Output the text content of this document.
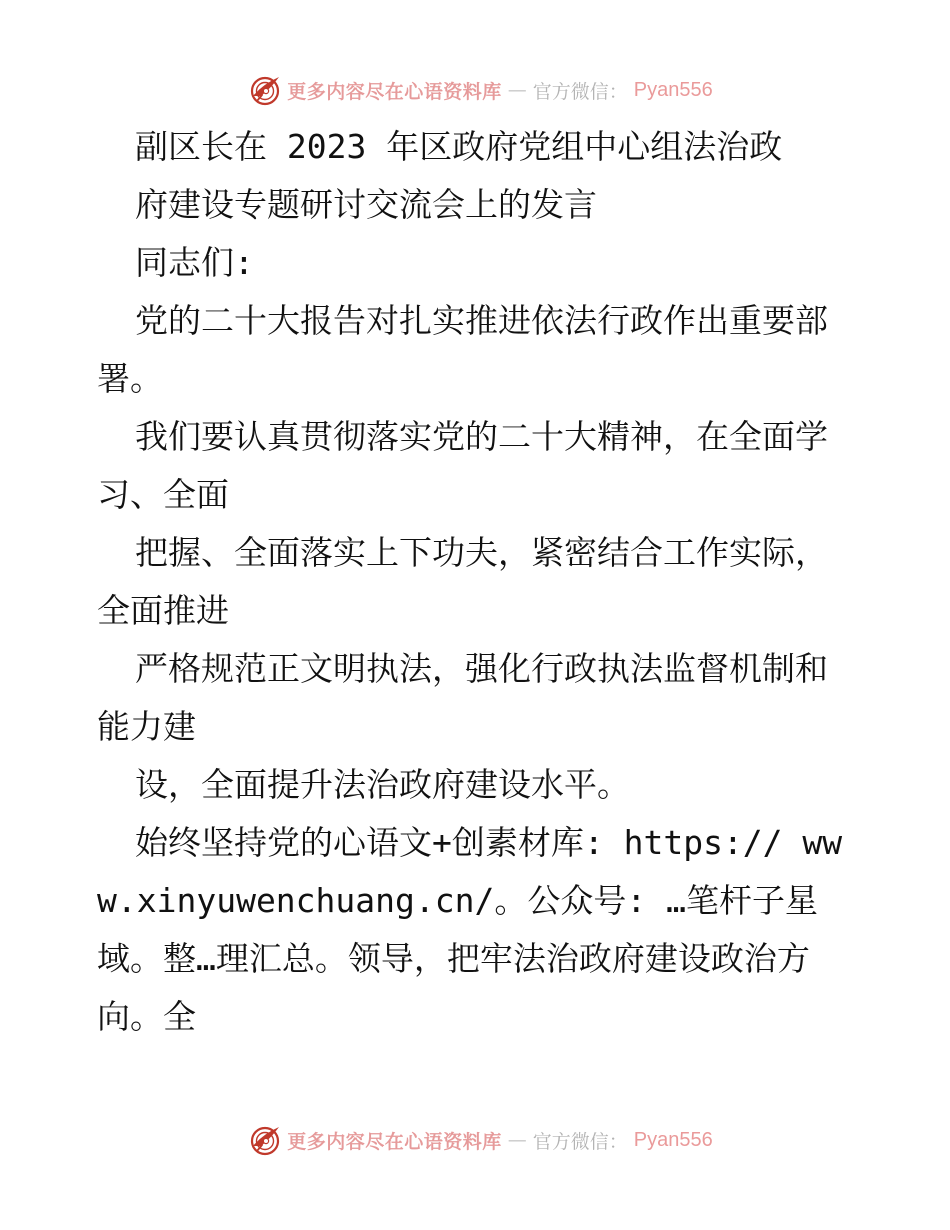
更多内容尽在心语资料库 — 官方微信： Pyan556

副区长在 2023 年区政府党组中心组法治政

府建设专题研讨交流会上的发言

同志们:

党的二十大报告对扎实推进依法行政作出重要部署。

我们要认真贯彻落实党的二十大精神，在全面学习、全面

把握、全面落实上下功夫，紧密结合工作实际，全面推进

严格规范正文明执法，强化行政执法监督机制和能力建

设，全面提升法治政府建设水平。

始终坚持党的心语文+创素材库: https:// www.xinyuwenchuang.cn/。公众号: …笔杆子星域。整…理汇总。领导，把牢法治政府建设政治方向。全

更多内容尽在心语资料库 — 官方微信： Pyan556
